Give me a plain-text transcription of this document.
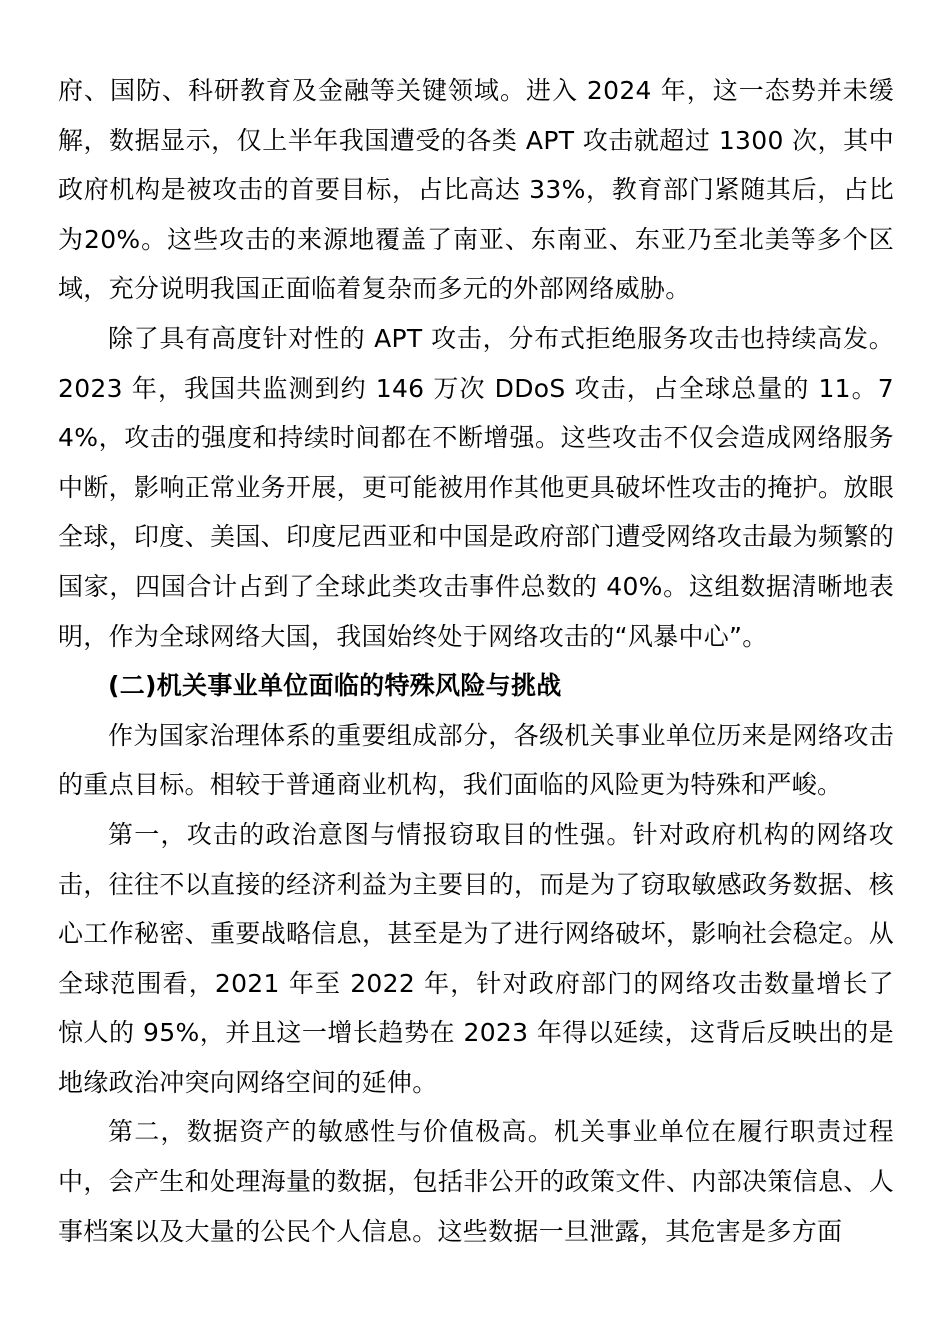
府、国防、科研教育及金融等关键领域。进入 2024 年，这一态势并未缓解，数据显示，仅上半年我国遭受的各类 APT 攻击就超过 1300 次，其中政府机构是被攻击的首要目标，占比高达 33%，教育部门紧随其后，占比为20%。这些攻击的来源地覆盖了南亚、东南亚、东亚乃至北美等多个区域，充分说明我国正面临着复杂而多元的外部网络威胁。

除了具有高度针对性的 APT 攻击，分布式拒绝服务攻击也持续高发。2023 年，我国共监测到约 146 万次 DDoS 攻击，占全球总量的 11。74%，攻击的强度和持续时间都在不断增强。这些攻击不仅会造成网络服务中断，影响正常业务开展，更可能被用作其他更具破坏性攻击的掩护。放眼全球，印度、美国、印度尼西亚和中国是政府部门遭受网络攻击最为频繁的国家，四国合计占到了全球此类攻击事件总数的 40%。这组数据清晰地表明，作为全球网络大国，我国始终处于网络攻击的“风暴中心”。

(二)机关事业单位面临的特殊风险与挑战

作为国家治理体系的重要组成部分，各级机关事业单位历来是网络攻击的重点目标。相较于普通商业机构，我们面临的风险更为特殊和严峻。

第一，攻击的政治意图与情报窃取目的性强。针对政府机构的网络攻击，往往不以直接的经济利益为主要目的，而是为了窃取敏感政务数据、核心工作秘密、重要战略信息，甚至是为了进行网络破坏，影响社会稳定。从全球范围看，2021 年至 2022 年，针对政府部门的网络攻击数量增长了惊人的 95%，并且这一增长趋势在 2023 年得以延续，这背后反映出的是地缘政治冲突向网络空间的延伸。

第二，数据资产的敏感性与价值极高。机关事业单位在履行职责过程中，会产生和处理海量的数据，包括非公开的政策文件、内部决策信息、人事档案以及大量的公民个人信息。这些数据一旦泄露，其危害是多方面
